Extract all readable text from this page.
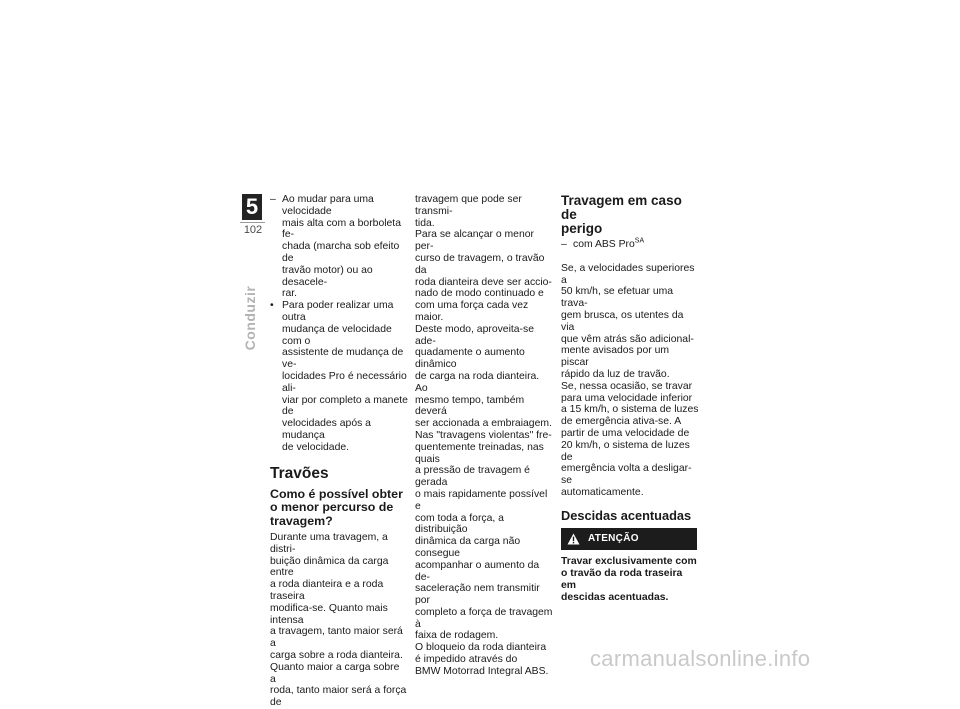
5
102
Conduzir
– Ao mudar para uma velocidade

mais alta com a borboleta fe-

chada (marcha sob efeito de

travão motor) ou ao desacele-

rar.

• Para poder realizar uma outra

mudança de velocidade com o

assistente de mudança de ve-

locidades Pro é necessário ali-

viar por completo a manete de

velocidades após a mudança

de velocidade.

Travões

Como é possível obter

o menor percurso de

travagem?

Durante uma travagem, a distri-

buição dinâmica da carga entre

a roda dianteira e a roda traseira

modifica-se. Quanto mais intensa

a travagem, tanto maior será a

carga sobre a roda dianteira.

Quanto maior a carga sobre a

roda, tanto maior será a força de

travagem que pode ser transmi-

tida.

Para se alcançar o menor per-

curso de travagem, o travão da

roda dianteira deve ser accio-

nado de modo continuado e

com uma força cada vez maior.

Deste modo, aproveita-se ade-

quadamente o aumento dinâmico

de carga na roda dianteira. Ao

mesmo tempo, também deverá

ser accionada a embraiagem.

Nas "travagens violentas" fre-

quentemente treinadas, nas quais

a pressão de travagem é gerada

o mais rapidamente possível e

com toda a força, a distribuição

dinâmica da carga não consegue

acompanhar o aumento da de-

saceleração nem transmitir por

completo a força de travagem à

faixa de rodagem.

O bloqueio da roda dianteira

é impedido através do

BMW Motorrad Integral ABS.

Travagem em caso de

perigo

– com ABS Pro$^{SA}$

Se, a velocidades superiores a

50 km/h, se efetuar uma trava-

gem brusca, os utentes da via

que vêm atrás são adicional-

mente avisados por um piscar

rápido da luz de travão.

Se, nessa ocasião, se travar

para uma velocidade inferior

a 15 km/h, o sistema de luzes

de emergência ativa-se. A

partir de uma velocidade de

20 km/h, o sistema de luzes de

emergência volta a desligar-se

automaticamente.

Descidas acentuadas
ATENÇÃO

Travar exclusivamente com

o travão da roda traseira em

descidas acentuadas.

carmanualsonline.info
